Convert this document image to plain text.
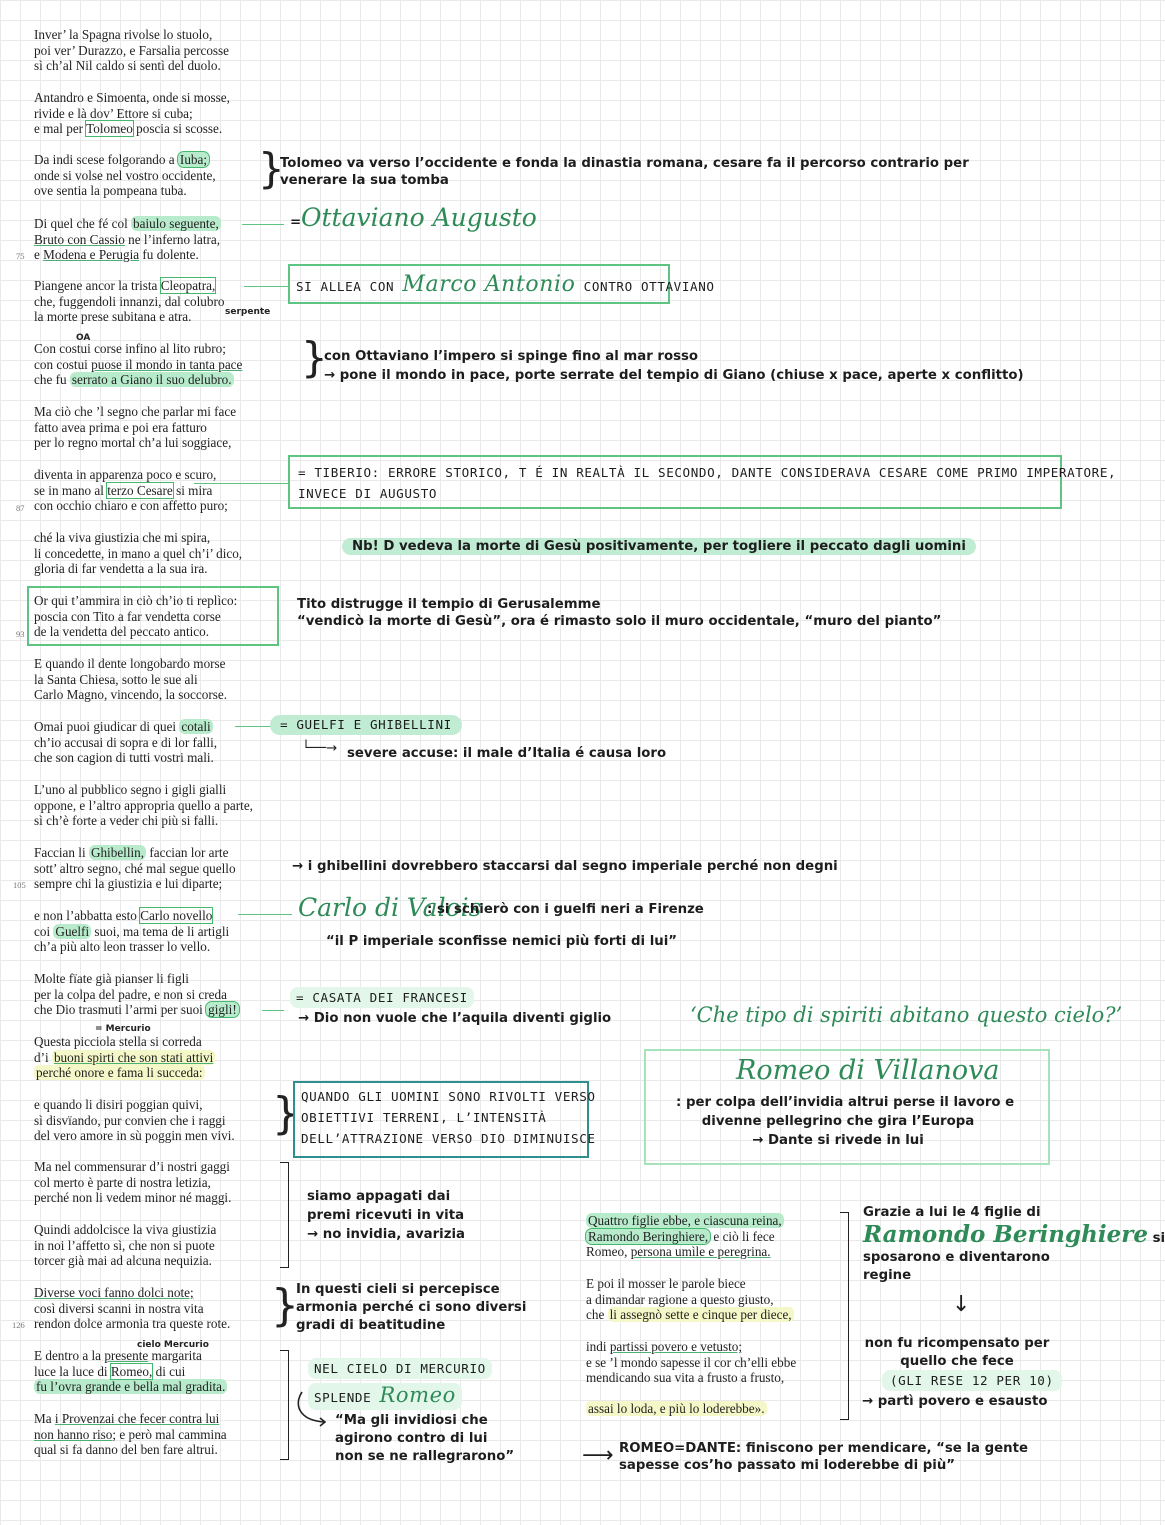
Inver’ la Spagna rivolse lo stuolo,
poi ver’ Durazzo, e Farsalia percosse
sì ch’al Nil caldo si sentì del duolo.
Antandro e Simoenta, onde si mosse,
rivide e là dov’ Ettore si cuba;
e mal per Tolomeo poscia si scosse.
Da indi scese folgorando a Iuba;
onde si volse nel vostro occidente,
ove sentia la pompeana tuba.
Di quel che fé col baiulo seguente,
Bruto con Cassio ne l’inferno latra,
e Modena e Perugia fu dolente.
Piangene ancor la trista Cleopatra,
che, fuggendoli innanzi, dal colubro
la morte prese subitana e atra.
Con costui corse infino al lito rubro;
con costui puose il mondo in tanta pace
che fu serrato a Giano il suo delubro.
Ma ciò che ’l segno che parlar mi face
fatto avea prima e poi era fatturo
per lo regno mortal ch’a lui soggiace,
diventa in apparenza poco e scuro,
se in mano al terzo Cesare si mira
con occhio chiaro e con affetto puro;
ché la viva giustizia che mi spira,
li concedette, in mano a quel ch’i’ dico,
gloria di far vendetta a la sua ira.
Or qui t’ammira in ciò ch’io ti replìco:
poscia con Tito a far vendetta corse
de la vendetta del peccato antico.
E quando il dente longobardo morse
la Santa Chiesa, sotto le sue ali
Carlo Magno, vincendo, la soccorse.
Omai puoi giudicar di quei cotali
ch’io accusai di sopra e di lor falli,
che son cagion di tutti vostri mali.
L’uno al pubblico segno i gigli gialli
oppone, e l’altro appropria quello a parte,
sì ch’è forte a veder chi più si falli.
Faccian li Ghibellin, faccian lor arte
sott’ altro segno, ché mal segue quello
sempre chi la giustizia e lui diparte;
e non l’abbatta esto Carlo novello
coi Guelfi suoi, ma tema de li artigli
ch’a più alto leon trasser lo vello.
Molte fïate già pianser li figli
per la colpa del padre, e non si creda
che Dio trasmuti l’armi per suoi gigli!
Questa picciola stella si correda
d’i buoni spirti che son stati attivi
perché onore e fama li succeda:
e quando li disiri poggian quivi,
sì disvïando, pur convien che i raggi
del vero amore in sù poggin men vivi.
Ma nel commensurar d’i nostri gaggi
col merto è parte di nostra letizia,
perché non li vedem minor né maggi.
Quindi addolcisce la viva giustizia
in noi l’affetto sì, che non si puote
torcer già mai ad alcuna nequizia.
Diverse voci fanno dolci note;
così diversi scanni in nostra vita
rendon dolce armonia tra queste rote.
E dentro a la presente margarita
luce la luce di Romeo, di cui
fu l’ovra grande e bella mal gradita.
Ma i Provenzai che fecer contra lui
non hanno riso; e però mal cammina
qual si fa danno del ben fare altrui.
75
87
93
105
126
serpente
OA
= Mercurio
cielo Mercurio
}
Tolomeo va verso l’occidente e fonda la dinastia romana, cesare fa il percorso contrario per
venerare la sua tomba
= Ottaviano Augusto
SI ALLEA CON Marco Antonio CONTRO OTTAVIANO
}
con Ottaviano l’impero si spinge fino al mar rosso
→ pone il mondo in pace, porte serrate del tempio di Giano (chiuse x pace, aperte x conflitto)
= TIBERIO: ERRORE STORICO, T É IN REALTÀ IL SECONDO, DANTE CONSIDERAVA CESARE COME PRIMO IMPERATORE,
INVECE DI AUGUSTO
Nb! D vedeva la morte di Gesù positivamente, per togliere il peccato dagli uomini
Tito distrugge il tempio di Gerusalemme
“vendicò la morte di Gesù”, ora é rimasto solo il muro occidentale, “muro del pianto”
= GUELFI E GHIBELLINI
└──→ severe accuse: il male d’Italia é causa loro
→ i ghibellini dovrebbero staccarsi dal segno imperiale perché non degni
Carlo di Valois
: si schierò con i guelfi neri a Firenze
“il P imperiale sconfisse nemici più forti di lui”
= CASATA DEI FRANCESI
→ Dio non vuole che l’aquila diventi giglio	‘Che tipo di spiriti abitano questo cielo?’
Romeo di Villanova
: per colpa dell’invidia altrui perse il lavoro e
divenne pellegrino che gira l’Europa
→ Dante si rivede in lui
} QUANDO GLI UOMINI SONO RIVOLTI VERSO
OBIETTIVI TERRENI, L’INTENSITÀ
DELL’ATTRAZIONE VERSO DIO DIMINUISCE
siamo appagati dai
premi ricevuti in vita
→ no invidia, avarizia
}
In questi cieli si percepisce
armonia perché ci sono diversi
gradi di beatitudine
NEL CIELO DI MERCURIO
SPLENDE Romeo
“Ma gli invidiosi che
agirono contro di lui
non se ne rallegrarono”
Quattro figlie ebbe, e ciascuna reina,
Ramondo Beringhiere, e ciò li fece
Romeo, persona umìle e peregrina.
E poi il mosser le parole biece
a dimandar ragione a questo giusto,
che li assegnò sette e cinque per diece,
indi partissi povero e vetusto;
e se ’l mondo sapesse il cor ch’elli ebbe
mendicando sua vita a frusto a frusto,
assai lo loda, e più lo loderebbe».
Grazie a lui le 4 figlie di
Ramondo Beringhiere si
sposarono e diventarono
regine
↓
non fu ricompensato per
quello che fece
(GLI RESE 12 PER 10)
→ partì povero e esausto
⟶ ROMEO=DANTE: finiscono per mendicare, “se la gente
sapesse cos’ho passato mi loderebbe di più”
